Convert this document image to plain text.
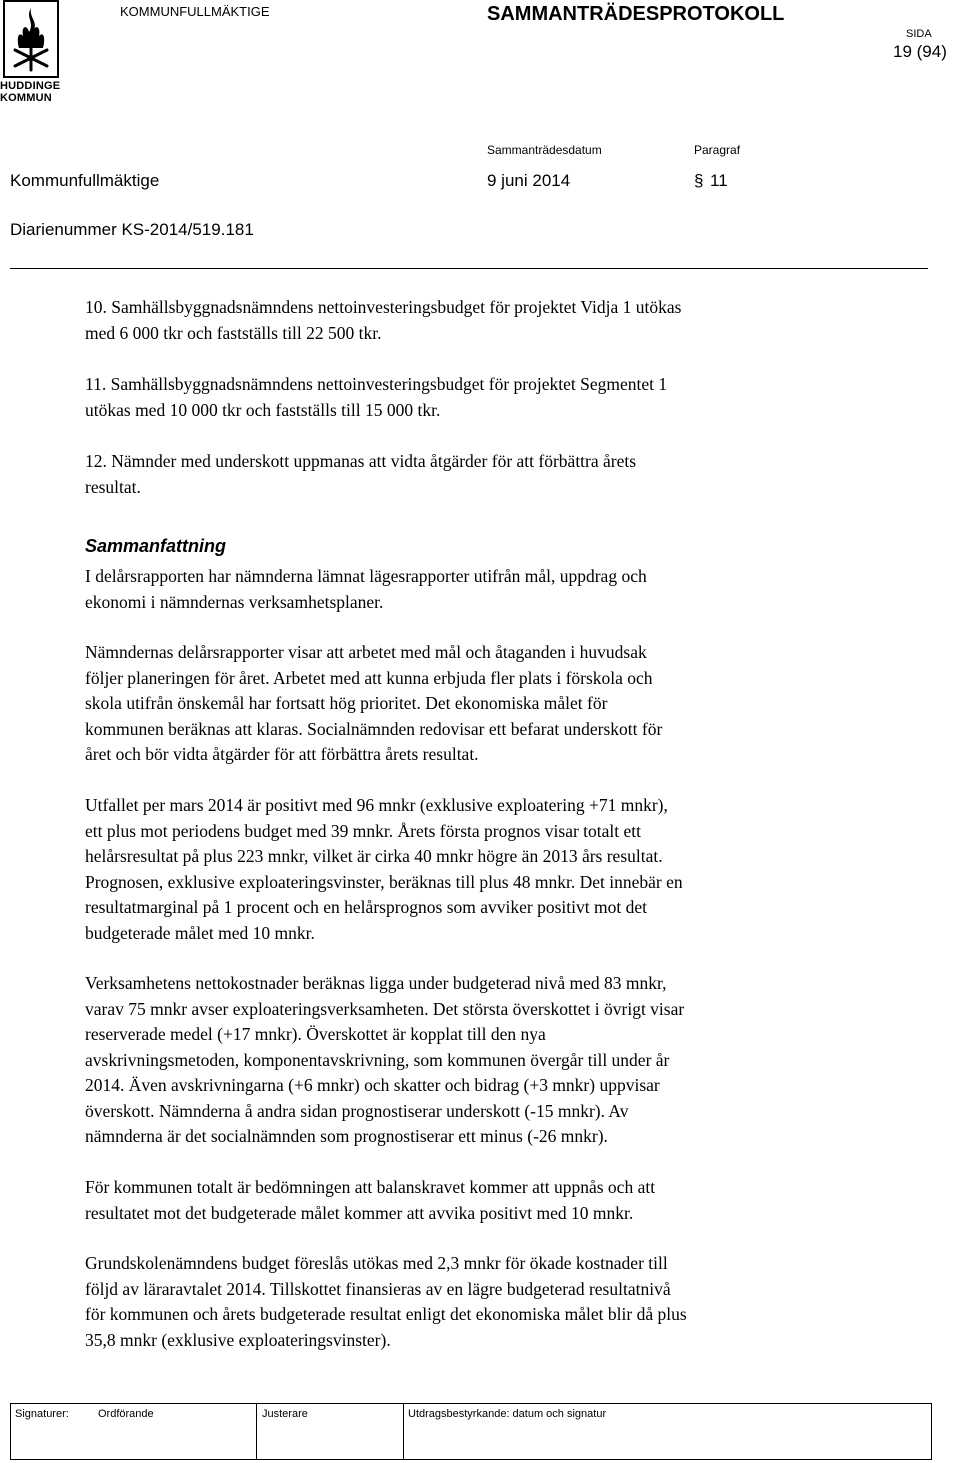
HUDDINGE
KOMMUN
KOMMUNFULLMÄKTIGE	SAMMANTRÄDESPROTOKOLL
SIDA
19 (94)
Sammanträdesdatum	Paragraf
Kommunfullmäktige	9 juni 2014	§ 11
Diarienummer KS-2014/519.181
10. Samhällsbyggnadsnämndens nettoinvesteringsbudget för projektet Vidja 1 utökas
med 6 000 tkr och fastställs till 22 500 tkr.
11. Samhällsbyggnadsnämndens nettoinvesteringsbudget för projektet Segmentet 1
utökas med 10 000 tkr och fastställs till 15 000 tkr.
12. Nämnder med underskott uppmanas att vidta åtgärder för att förbättra årets
resultat.
Sammanfattning
I delårsrapporten har nämnderna lämnat lägesrapporter utifrån mål, uppdrag och
ekonomi i nämndernas verksamhetsplaner.
Nämndernas delårsrapporter visar att arbetet med mål och åtaganden i huvudsak
följer planeringen för året. Arbetet med att kunna erbjuda fler plats i förskola och
skola utifrån önskemål har fortsatt hög prioritet. Det ekonomiska målet för
kommunen beräknas att klaras. Socialnämnden redovisar ett befarat underskott för
året och bör vidta åtgärder för att förbättra årets resultat.
Utfallet per mars 2014 är positivt med 96 mnkr (exklusive exploatering +71 mnkr),
ett plus mot periodens budget med 39 mnkr. Årets första prognos visar totalt ett
helårsresultat på plus 223 mnkr, vilket är cirka 40 mnkr högre än 2013 års resultat.
Prognosen, exklusive exploateringsvinster, beräknas till plus 48 mnkr. Det innebär en
resultatmarginal på 1 procent och en helårsprognos som avviker positivt mot det
budgeterade målet med 10 mnkr.
Verksamhetens nettokostnader beräknas ligga under budgeterad nivå med 83 mnkr,
varav 75 mnkr avser exploateringsverksamheten. Det största överskottet i övrigt visar
reserverade medel (+17 mnkr). Överskottet är kopplat till den nya
avskrivningsmetoden, komponentavskrivning, som kommunen övergår till under år
2014. Även avskrivningarna (+6 mnkr) och skatter och bidrag (+3 mnkr) uppvisar
överskott. Nämnderna å andra sidan prognostiserar underskott (-15 mnkr). Av
nämnderna är det socialnämnden som prognostiserar ett minus (-26 mnkr).
För kommunen totalt är bedömningen att balanskravet kommer att uppnås och att
resultatet mot det budgeterade målet kommer att avvika positivt med 10 mnkr.
Grundskolenämndens budget föreslås utökas med 2,3 mnkr för ökade kostnader till
följd av läraravtalet 2014. Tillskottet finansieras av en lägre budgeterad resultatnivå
för kommunen och årets budgeterade resultat enligt det ekonomiska målet blir då plus
35,8 mnkr (exklusive exploateringsvinster).
Signaturer:	Ordförande	Justerare	Utdragsbestyrkande: datum och signatur
